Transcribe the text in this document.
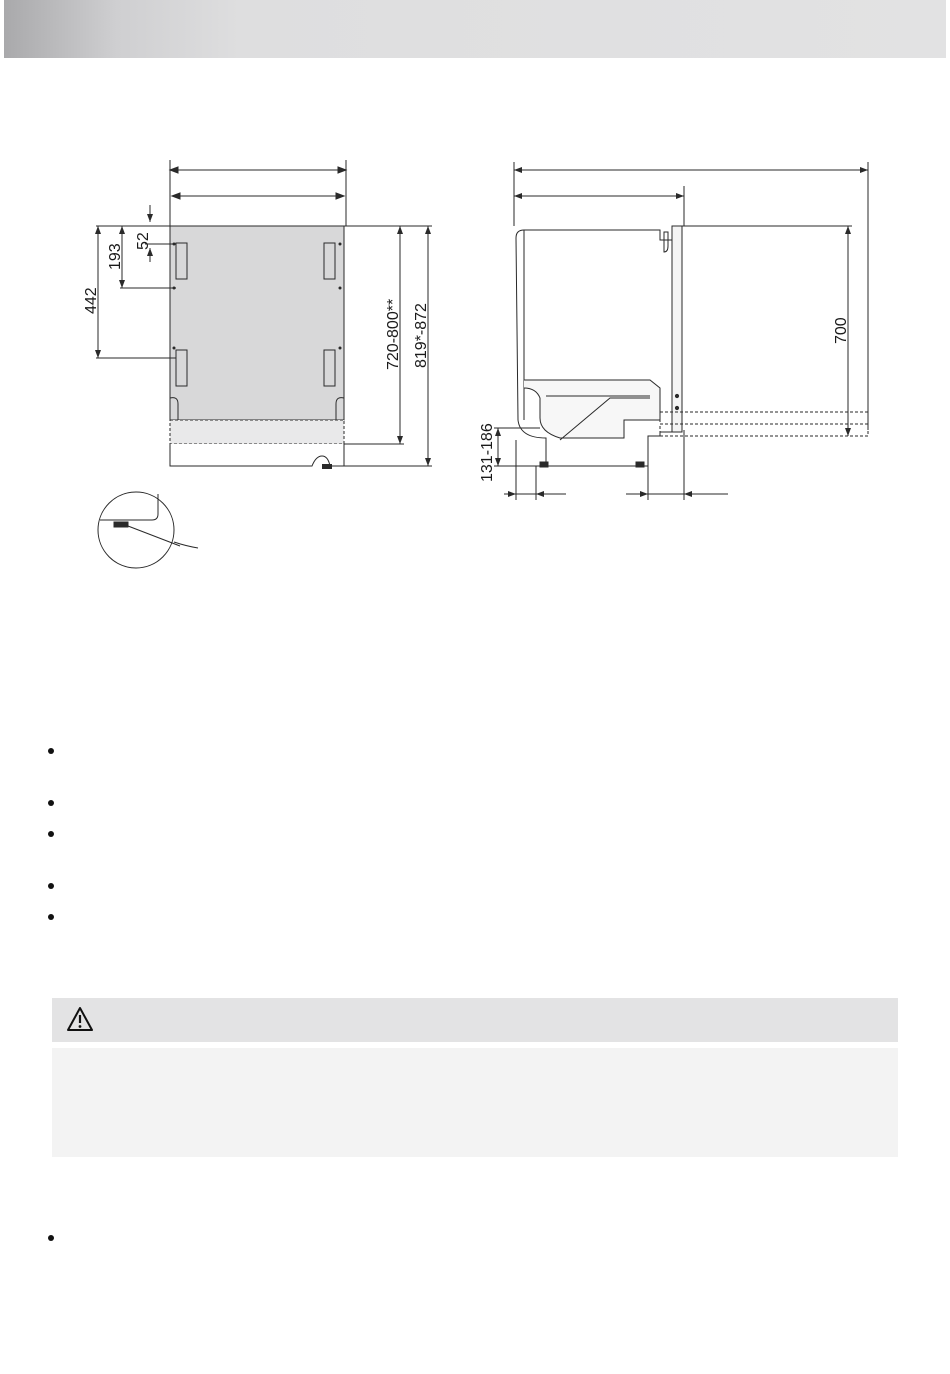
52
193
442	720-800** 819*-872	700
131-186
